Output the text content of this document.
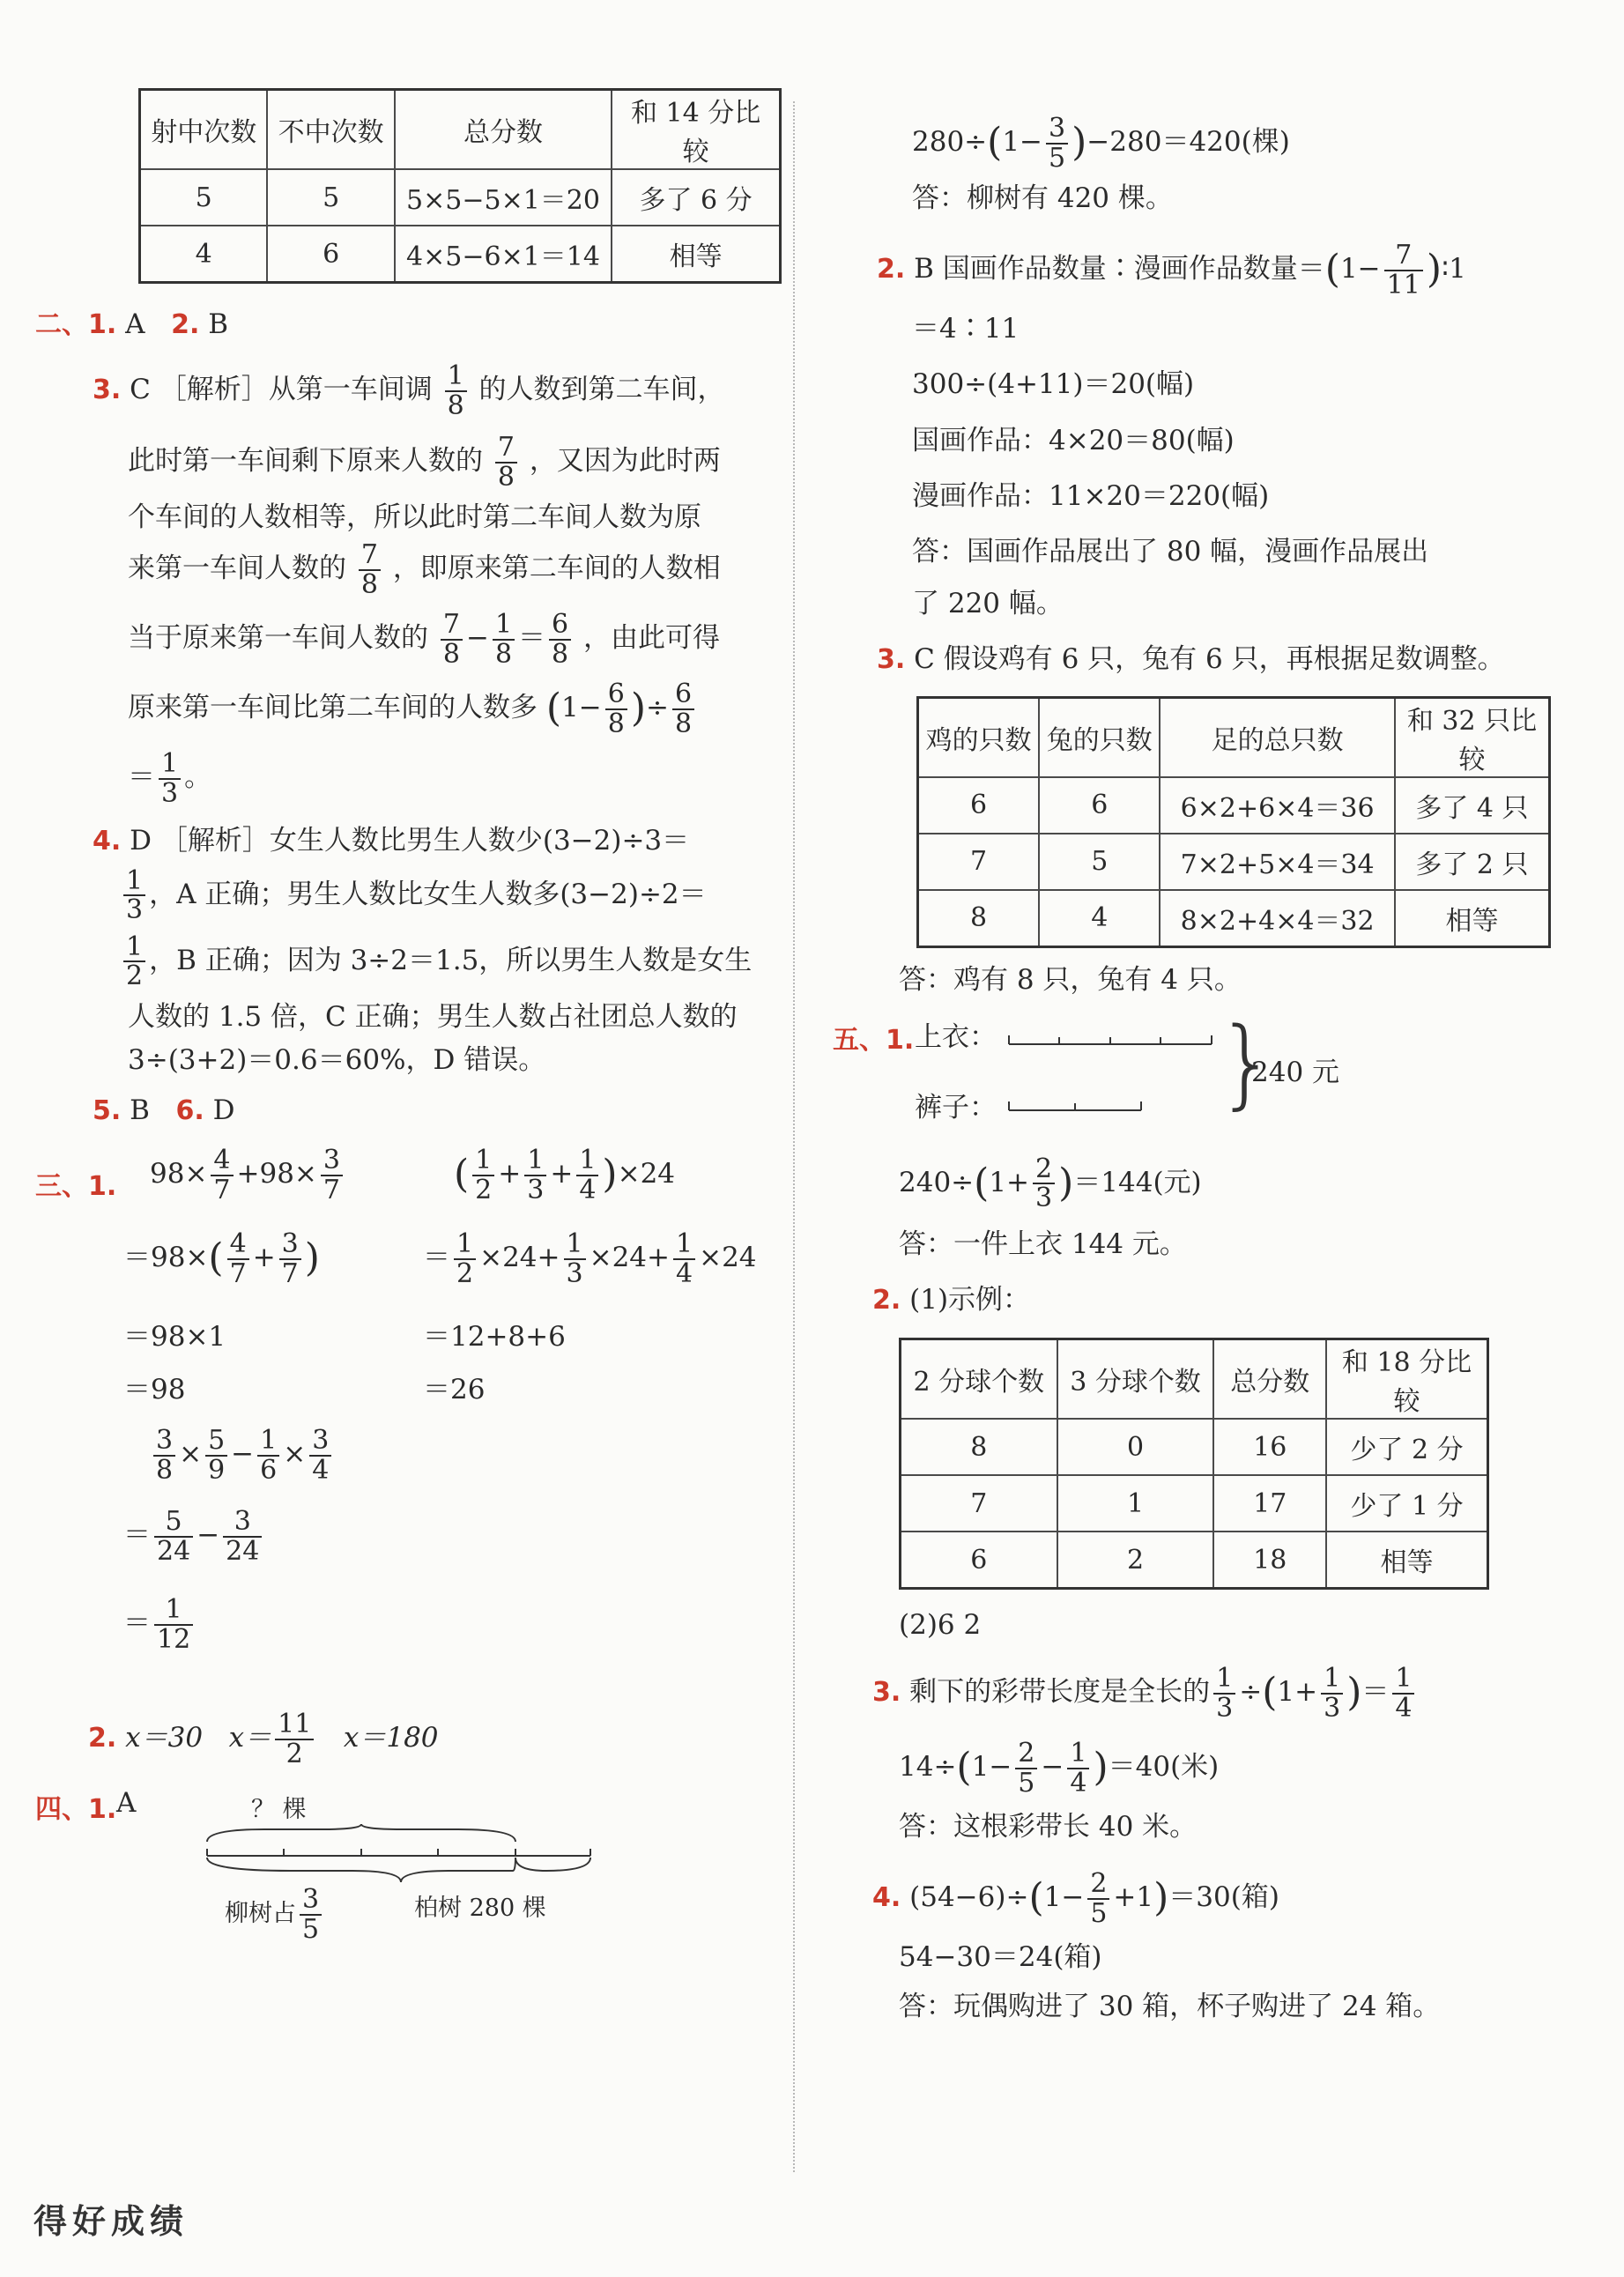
射中次数	不中次数	总分数	和 14 分比较
5	5	5×5−5×1＝20	多了 6 分
4	6	4×5−6×1＝14	相等

二、1. A 2. B

3. C ［解析］从第一车间调 $\frac{1}{8}$ 的人数到第二车间，

此时第一车间剩下原来人数的 $\frac{7}{8}$ ，又因为此时两

个车间的人数相等，所以此时第二车间人数为原

来第一车间人数的 $\frac{7}{8}$ ，即原来第二车间的人数相

当于原来第一车间人数的 $\frac{7}{8} - \frac{1}{8} = \frac{6}{8}$ ，由此可得

原来第一车间比第二车间的人数多 ($1- \frac{6}{8}$ )÷ $\frac{6}{8}$

＝ $\frac{1}{3}$ 。

4. D ［解析］女生人数比男生人数少(3−2)÷3＝

$\frac{1}{3}$ ，A 正确；男生人数比女生人数多(3−2)÷2＝

$\frac{1}{2}$ ，B 正确；因为 3÷2＝1.5，所以男生人数是女生

人数的 1.5 倍，C 正确；男生人数占社团总人数的

3÷(3+2)＝0.6＝60%，D 错误。

5. B 6. D

三、1. $98\times \frac{4}{7} +98\times \frac{3}{7}$	( $\frac{1}{2} + \frac{1}{3} + \frac{1}{4} )\times 24$
$=98\times( \frac{4}{7} + \frac{3}{7}$ )	＝ $\frac{1}{2} \times 24+ \frac{1}{3} \times 24+ \frac{1}{4} \times 24$
＝98×1	＝12+8+6
＝98	＝26
$\frac{3}{8} \times \frac{5}{9} - \frac{1}{6} \times \frac{3}{4}$
＝ $\frac{5}{24} - \frac{3}{24}$
＝ $\frac{1}{12}$

2. x＝30 $x= \frac{11}{2} x=180$

四、1. A	？ 棵
柳树占 $\frac{3}{5}$	柏树 280 棵

$280\div(1- \frac{3}{5} )-280=420$(棵)

答：柳树有 420 棵。

2. B 国画作品数量∶漫画作品数量$=(1- \frac{7}{11}$ )∶1

＝4∶11

300÷(4+11)＝20(幅)

国画作品：4×20＝80(幅)

漫画作品：11×20＝220(幅)

答：国画作品展出了 80 幅，漫画作品展出

了 220 幅。

3. C 假设鸡有 6 只，兔有 6 只，再根据足数调整。

鸡的只数	兔的只数	足的总只数	和 32 只比较
6	6	6×2+6×4＝36	多了 4 只
7	5	7×2+5×4＝34	多了 2 只
8	4	8×2+4×4＝32	相等

答：鸡有 8 只，兔有 4 只。

五、1. 上衣：
裤子： }
240 元

$240\div(1+ \frac{2}{3} )=144$(元)

答：一件上衣 144 元。

2. (1)示例：

2 分球个数	3 分球个数	总分数	和 18 分比较
8	0	16	少了 2 分
7	1	17	少了 1 分
6	2	18	相等

(2)6 2

3. 剩下的彩带长度是全长的 $\frac{1}{3} \div(1+ \frac{1}{3}$ )＝ $\frac{1}{4}$

$14\div(1- \frac{2}{5} - \frac{1}{4} )=40$(米)

答：这根彩带长 40 米。

4. $(54-6)\div(1- \frac{2}{5} +1)=30$(箱)

54−30＝24(箱)

答：玩偶购进了 30 箱，杯子购进了 24 箱。

得好成绩
